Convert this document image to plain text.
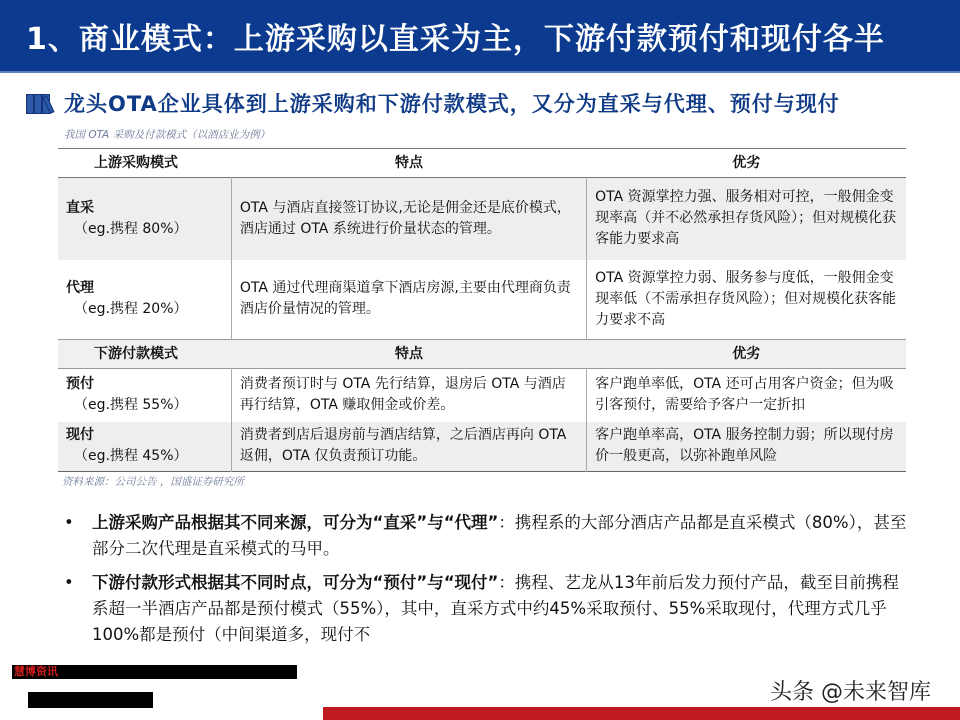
1、商业模式：上游采购以直采为主，下游付款预付和现付各半
龙头OTA企业具体到上游采购和下游付款模式，又分为直采与代理、预付与现付
我国 OTA 采购及付款模式（以酒店业为例）
上游采购模式	特点	优劣

直采
（eg.携程 80%）	OTA 与酒店直接签订协议,无论是佣金还是底价模式，酒店通过 OTA 系统进行价量状态的管理。	OTA 资源掌控力强、服务相对可控，一般佣金变现率高（并不必然承担存货风险）；但对规模化获客能力要求高

代理
（eg.携程 20%）	OTA 通过代理商渠道拿下酒店房源,主要由代理商负责酒店价量情况的管理。	OTA 资源掌控力弱、服务参与度低，一般佣金变现率低（不需承担存货风险）；但对规模化获客能力要求不高
下游付款模式	特点	优劣

预付
（eg.携程 55%）	消费者预订时与 OTA 先行结算，退房后 OTA 与酒店再行结算，OTA 赚取佣金或价差。	客户跑单率低，OTA 还可占用客户资金；但为吸引客预付，需要给予客户一定折扣

现付
（eg.携程 45%）	消费者到店后退房前与酒店结算，之后酒店再向 OTA 返佣，OTA 仅负责预订功能。	客户跑单率高，OTA 服务控制力弱；所以现付房价一般更高，以弥补跑单风险
资料来源：公司公告 ，国盛证券研究所
• 上游采购产品根据其不同来源，可分为“直采”与“代理”：携程系的大部分酒店产品都是直采模式（80%），甚至部分二次代理是直采模式的马甲。
• 下游付款形式根据其不同时点，可分为“预付”与“现付”：携程、艺龙从13年前后发力预付产品，截至目前携程系超一半酒店产品都是预付模式（55%），其中，直采方式中约45%采取预付、55%采取现付，代理方式几乎100%都是预付（中间渠道多，现付不
慧博资讯
头条 @未来智库
